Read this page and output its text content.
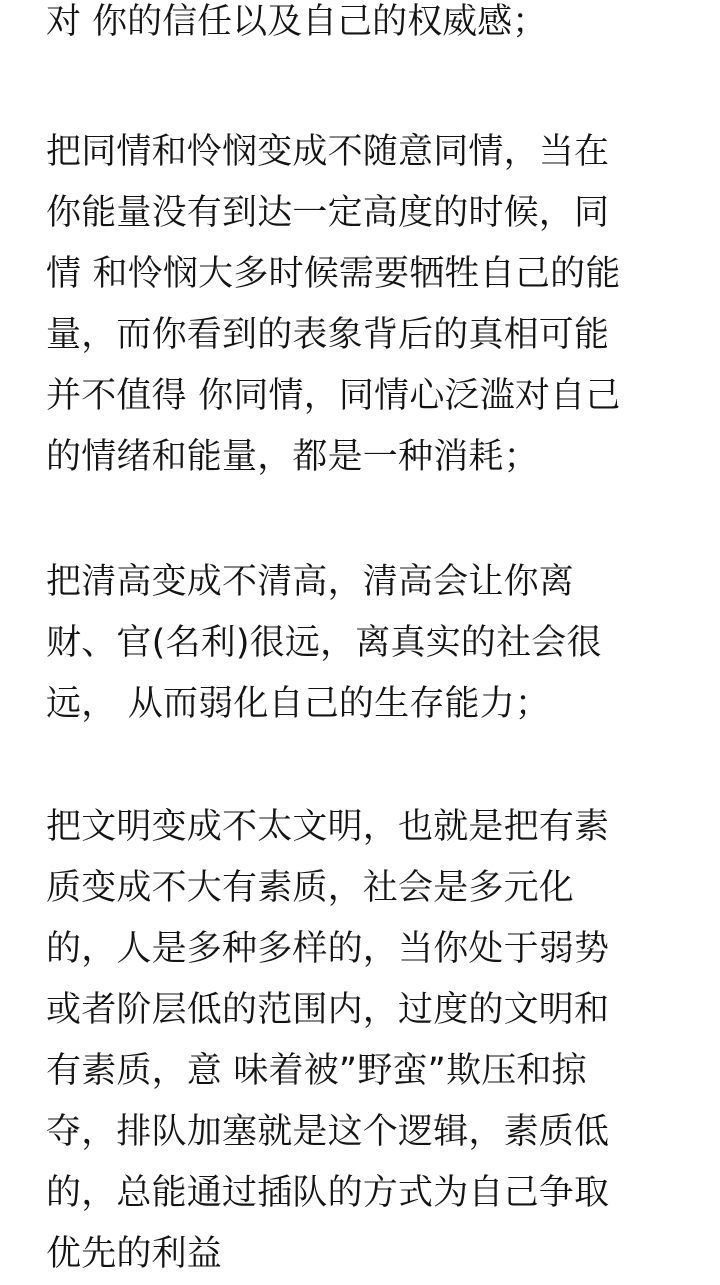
对 你的信任以及自己的权威感；
把同情和怜悯变成不随意同情，当在
你能量没有到达一定高度的时候，同
情 和怜悯大多时候需要牺牲自己的能
量，而你看到的表象背后的真相可能
并不值得 你同情，同情心泛滥对自己
的情绪和能量，都是一种消耗；
把清高变成不清高，清高会让你离
财、官(名利)很远，离真实的社会很
远， 从而弱化自己的生存能力；
把文明变成不太文明，也就是把有素
质变成不大有素质，社会是多元化
的，人是多种多样的，当你处于弱势
或者阶层低的范围内，过度的文明和
有素质，意 味着被”野蛮”欺压和掠
夺，排队加塞就是这个逻辑，素质低
的，总能通过插队的方式为自己争取
优先的利益
